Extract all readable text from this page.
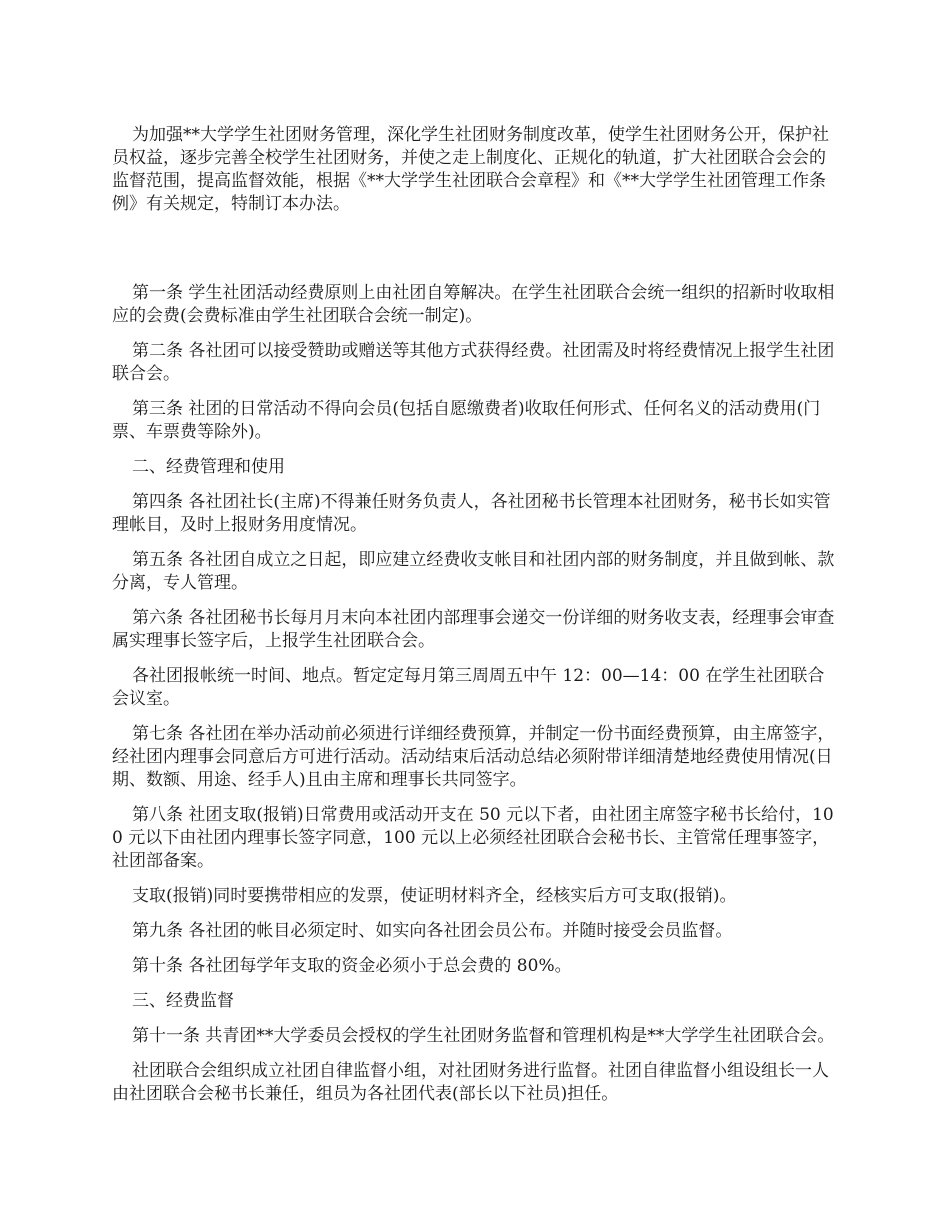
为加强**大学学生社团财务管理，深化学生社团财务制度改革，使学生社团财务公开，保护社员权益，逐步完善全校学生社团财务，并使之走上制度化、正规化的轨道，扩大社团联合会会的监督范围，提高监督效能，根据《**大学学生社团联合会章程》和《**大学学生社团管理工作条例》有关规定，特制订本办法。

第一条 学生社团活动经费原则上由社团自筹解决。在学生社团联合会统一组织的招新时收取相应的会费(会费标准由学生社团联合会统一制定)。

第二条 各社团可以接受赞助或赠送等其他方式获得经费。社团需及时将经费情况上报学生社团联合会。

第三条 社团的日常活动不得向会员(包括自愿缴费者)收取任何形式、任何名义的活动费用(门票、车票费等除外)。

二、经费管理和使用

第四条 各社团社长(主席)不得兼任财务负责人，各社团秘书长管理本社团财务，秘书长如实管理帐目，及时上报财务用度情况。

第五条 各社团自成立之日起，即应建立经费收支帐目和社团内部的财务制度，并且做到帐、款分离，专人管理。

第六条 各社团秘书长每月月末向本社团内部理事会递交一份详细的财务收支表，经理事会审查属实理事长签字后，上报学生社团联合会。

各社团报帐统一时间、地点。暂定定每月第三周周五中午 12：00—14：00 在学生社团联合会议室。

第七条 各社团在举办活动前必须进行详细经费预算，并制定一份书面经费预算，由主席签字，经社团内理事会同意后方可进行活动。活动结束后活动总结必须附带详细清楚地经费使用情况(日期、数额、用途、经手人)且由主席和理事长共同签字。

第八条 社团支取(报销)日常费用或活动开支在 50 元以下者，由社团主席签字秘书长给付，100 元以下由社团内理事长签字同意，100 元以上必须经社团联合会秘书长、主管常任理事签字，社团部备案。

支取(报销)同时要携带相应的发票，使证明材料齐全，经核实后方可支取(报销)。

第九条 各社团的帐目必须定时、如实向各社团会员公布。并随时接受会员监督。

第十条 各社团每学年支取的资金必须小于总会费的 80%。

三、经费监督

第十一条 共青团**大学委员会授权的学生社团财务监督和管理机构是**大学学生社团联合会。

社团联合会组织成立社团自律监督小组，对社团财务进行监督。社团自律监督小组设组长一人由社团联合会秘书长兼任，组员为各社团代表(部长以下社员)担任。
